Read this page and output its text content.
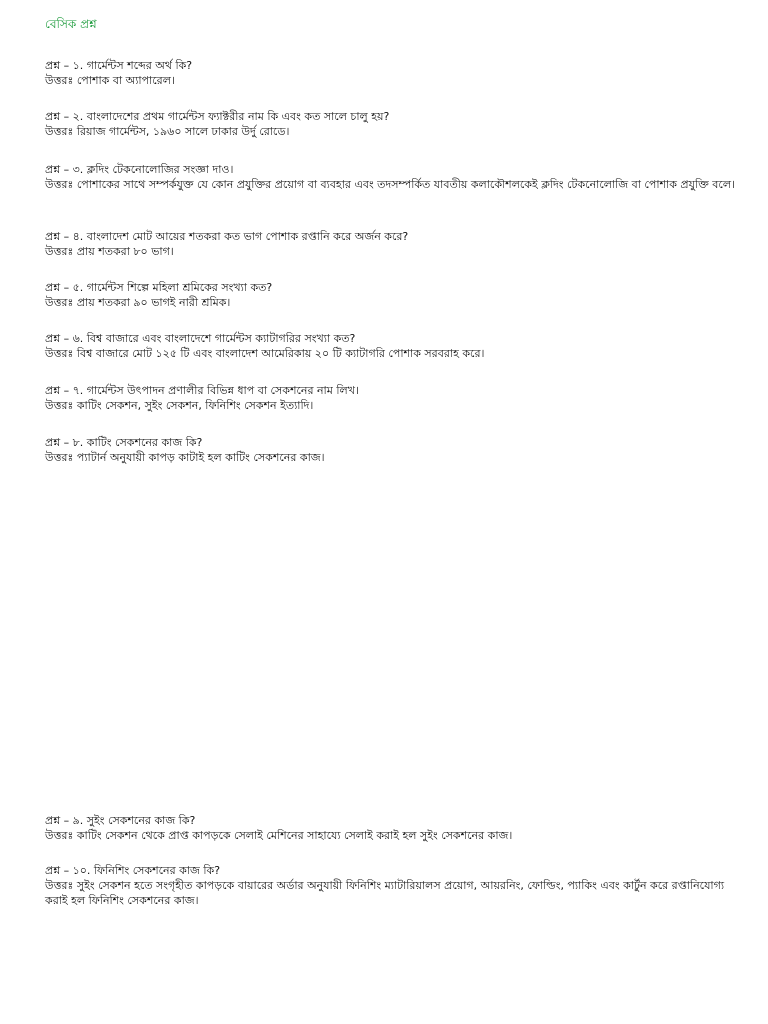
বেসিক প্রশ্ন

প্রশ্ন – ১. গার্মেন্টস শব্দের অর্থ কি?

উত্তরঃ পোশাক বা অ্যাপারেল।

প্রশ্ন – ২. বাংলাদেশের প্রথম গার্মেন্টস ফ্যাক্টরীর নাম কি এবং কত সালে চালু হয়?

উত্তরঃ রিয়াজ গার্মেন্টস, ১৯৬০ সালে ঢাকার উর্দু রোডে।

প্রশ্ন – ৩. ক্লদিং টেকনোলোজির সংজ্ঞা দাও।

উত্তরঃ পোশাকের সাথে সম্পর্কযুক্ত যে কোন প্রযুক্তির প্রয়োগ বা ব্যবহার এবং তদসম্পর্কিত যাবতীয় কলাকৌশলকেই ক্লদিং টেকনোলোজি বা পোশাক প্রযুক্তি বলে।

প্রশ্ন – ৪. বাংলাদেশ মোট আয়ের শতকরা কত ভাগ পোশাক রপ্তানি করে অর্জন করে?

উত্তরঃ প্রায় শতকরা ৮০ ভাগ।

প্রশ্ন – ৫. গার্মেন্টস শিল্পে মহিলা শ্রমিকের সংখ্যা কত?

উত্তরঃ প্রায় শতকরা ৯০ ভাগই নারী শ্রমিক।

প্রশ্ন – ৬. বিশ্ব বাজারে এবং বাংলাদেশে গার্মেন্টস ক্যাটাগরির সংখ্যা কত?

উত্তরঃ বিশ্ব বাজারে মোট ১২৫ টি এবং বাংলাদেশ আমেরিকায় ২০ টি ক্যাটাগরি পোশাক সরবরাহ করে।

প্রশ্ন – ৭. গার্মেন্টস উৎপাদন প্রণালীর বিভিন্ন ধাপ বা সেকশনের নাম লিখ।

উত্তরঃ কাটিং সেকশন, সুইং সেকশন, ফিনিশিং সেকশন ইত্যাদি।

প্রশ্ন – ৮. কাটিং সেকশনের কাজ কি?

উত্তরঃ প্যাটার্ন অনুযায়ী কাপড় কাটাই হল কাটিং সেকশনের কাজ।

প্রশ্ন – ৯. সুইং সেকশনের কাজ কি?

উত্তরঃ কাটিং সেকশন থেকে প্রাপ্ত কাপড়কে সেলাই মেশিনের সাহায্যে সেলাই করাই হল সুইং সেকশনের কাজ।

প্রশ্ন – ১০. ফিনিশিং সেকশনের কাজ কি?

উত্তরঃ সুইং সেকশন হতে সংগৃহীত কাপড়কে বায়ারের অর্ডার অনুযায়ী ফিনিশিং ম্যাটারিয়ালস প্রয়োগ, আয়রনিং, ফোল্ডিং, প্যাকিং এবং কার্টুন করে রপ্তানিযোগ্য করাই হল ফিনিশিং সেকশনের কাজ।
